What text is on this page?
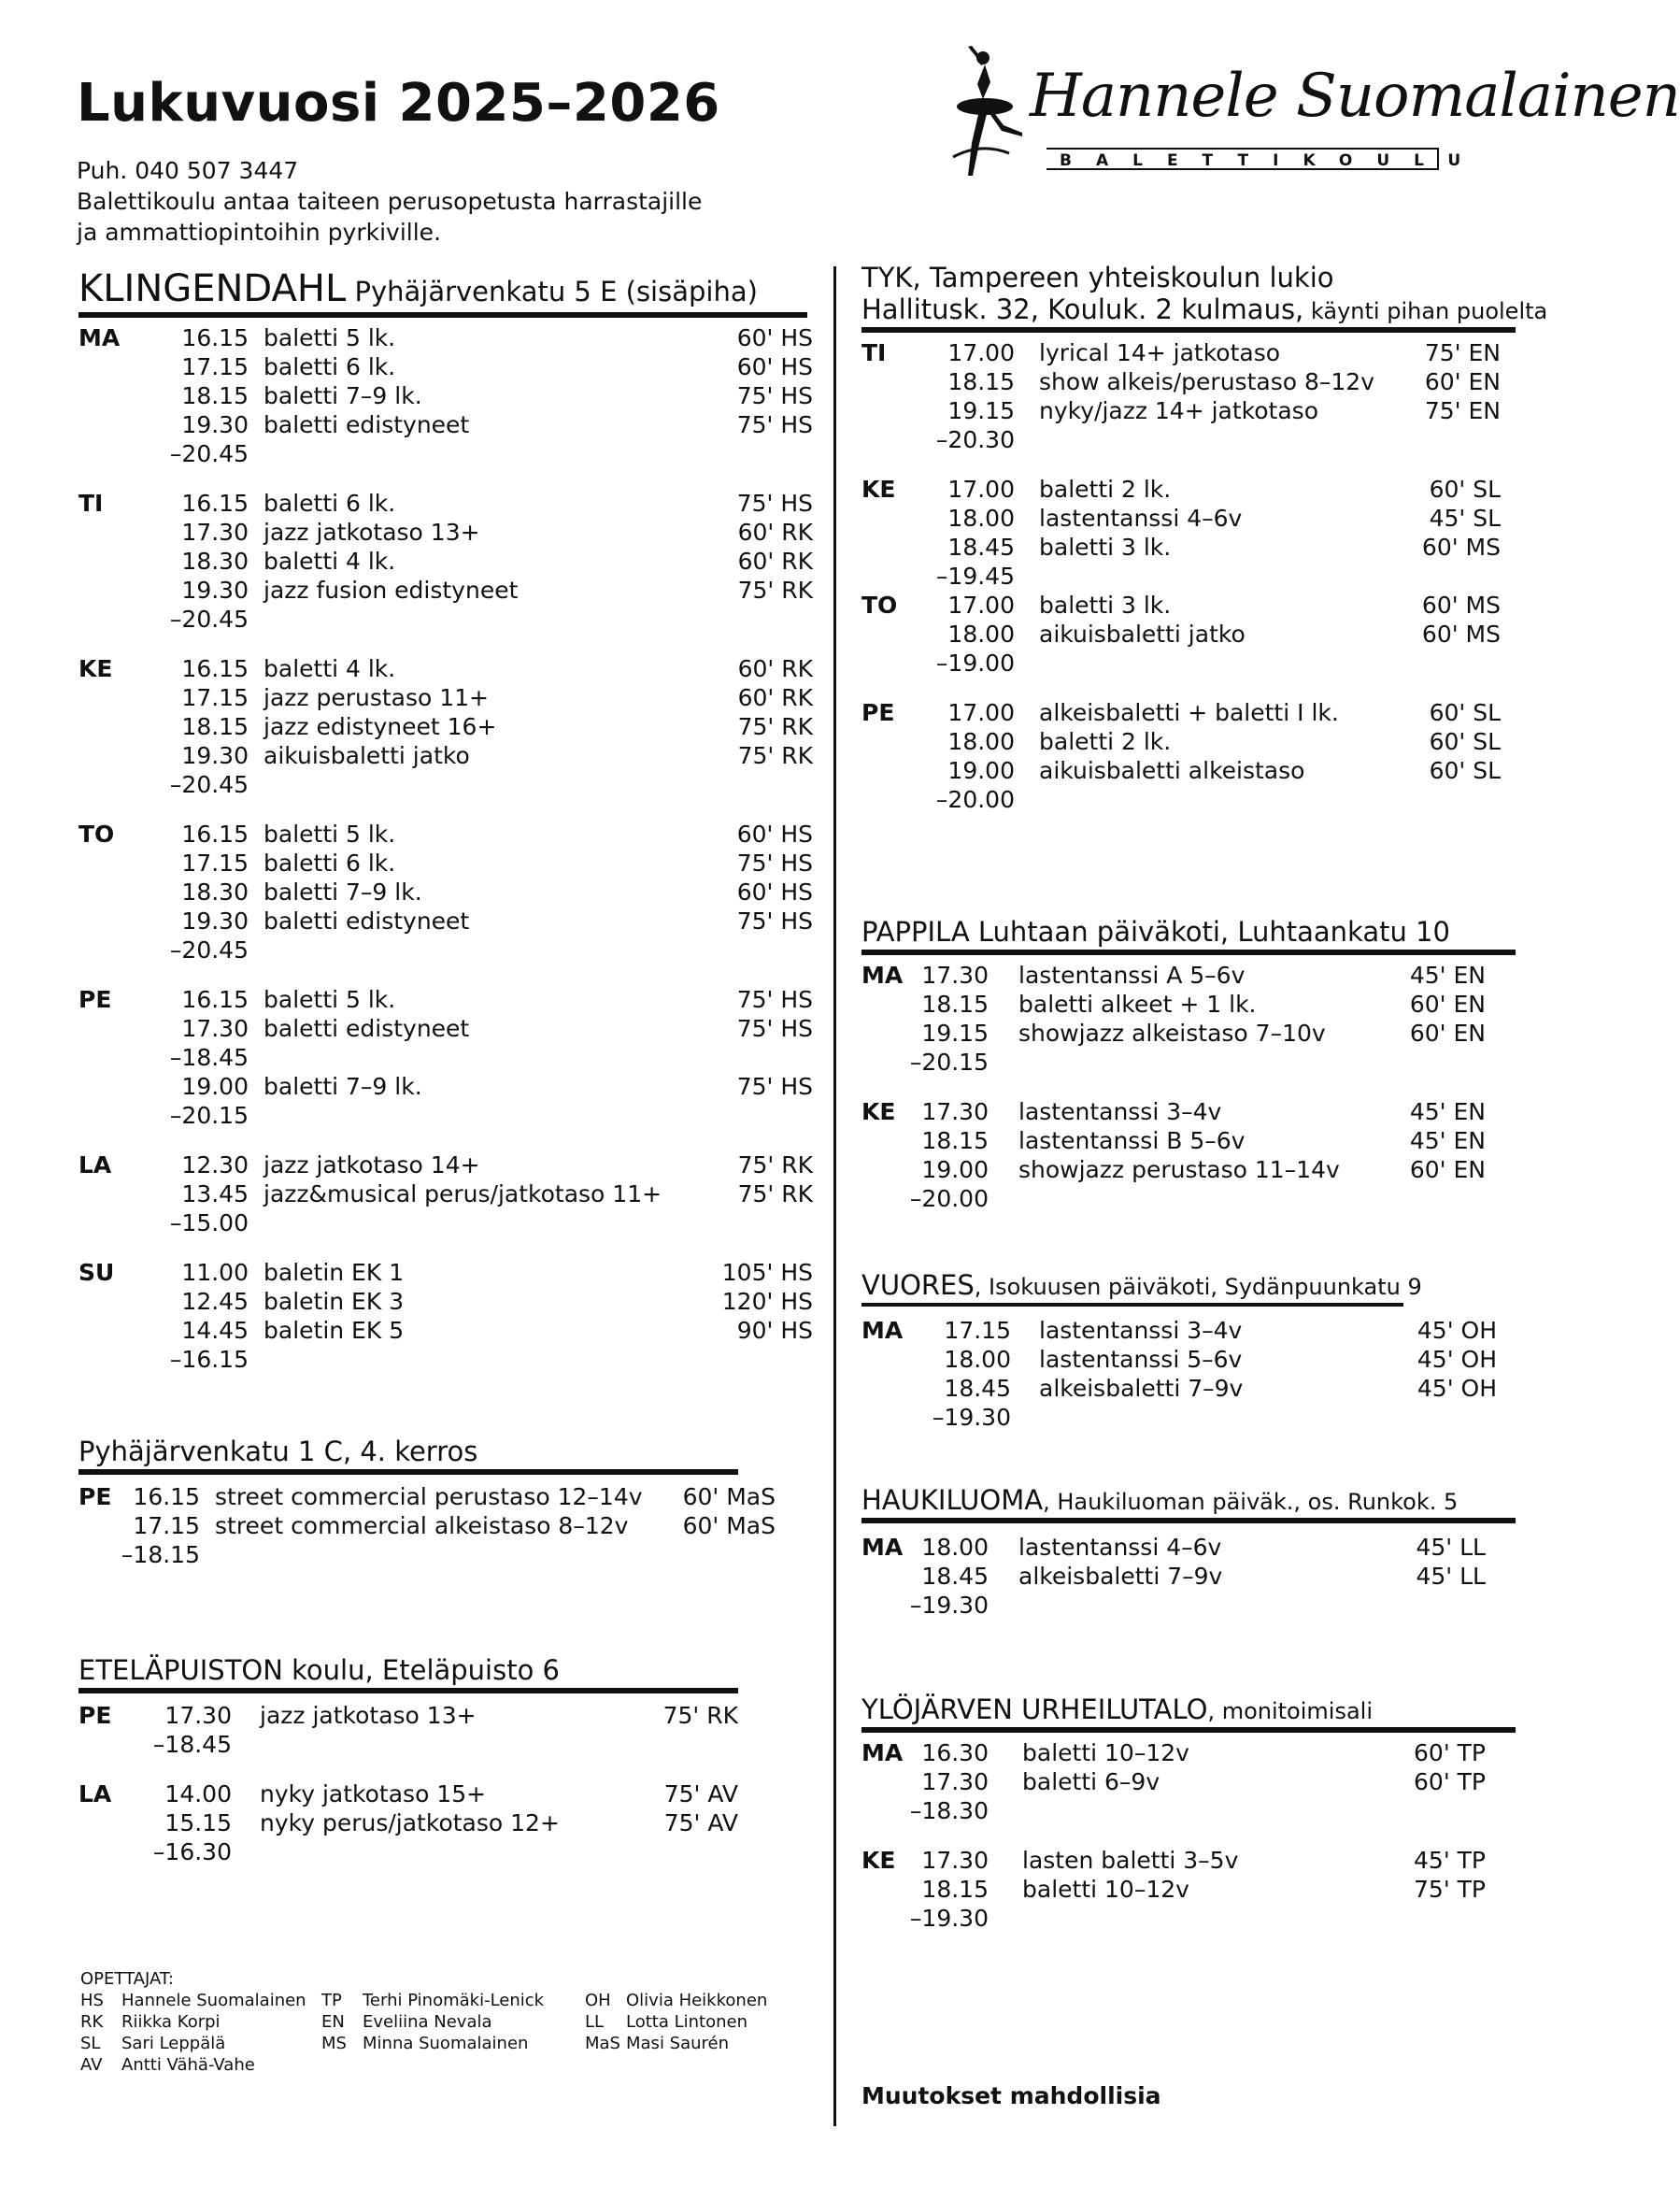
Lukuvuosi 2025–2026
Puh. 040 507 3447
Balettikoulu antaa taiteen perusopetusta harrastajille
ja ammattiopintoihin pyrkiville.
Hannele Suomalainen
BALETTIKOULU
KLINGENDAHL Pyhäjärvenkatu 5 E (sisäpiha)
MA	16.15 baletti 5 lk.	60' HS
17.15 baletti 6 lk.	60' HS
18.15 baletti 7–9 lk.	75' HS
19.30 baletti edistyneet	75' HS
–20.45
TI	16.15 baletti 6 lk.	75' HS
17.30 jazz jatkotaso 13+	60' RK
18.30 baletti 4 lk.	60' RK
19.30 jazz fusion edistyneet	75' RK
–20.45
KE	16.15 baletti 4 lk.	60' RK
17.15 jazz perustaso 11+	60' RK
18.15 jazz edistyneet 16+	75' RK
19.30 aikuisbaletti jatko	75' RK
–20.45
TO	16.15 baletti 5 lk.	60' HS
17.15 baletti 6 lk.	75' HS
18.30 baletti 7–9 lk.	60' HS
19.30 baletti edistyneet	75' HS
–20.45
PE	16.15 baletti 5 lk.	75' HS
17.30 baletti edistyneet	75' HS
–18.45
19.00 baletti 7–9 lk.	75' HS
–20.15
LA	12.30 jazz jatkotaso 14+	75' RK
13.45 jazz&musical perus/jatkotaso 11+	75' RK
–15.00
SU	11.00 baletin EK 1	105' HS
12.45 baletin EK 3	120' HS
14.45 baletin EK 5	90' HS
–16.15
Pyhäjärvenkatu 1 C, 4. kerros
PE 16.15 street commercial perustaso 12–14v	60' MaS
17.15 street commercial alkeistaso 8–12v	60' MaS
–18.15
ETELÄPUISTON koulu, Eteläpuisto 6
PE	17.30 jazz jatkotaso 13+	75' RK
–18.45
LA	14.00 nyky jatkotaso 15+	75' AV
15.15 nyky perus/jatkotaso 12+	75' AV
–16.30
TYK, Tampereen yhteiskoulun lukio
Hallitusk. 32, Kouluk. 2 kulmaus, käynti pihan puolelta
TI	17.00 lyrical 14+ jatkotaso	75' EN
18.15 show alkeis/perustaso 8–12v	60' EN
19.15 nyky/jazz 14+ jatkotaso	75' EN
–20.30
KE	17.00 baletti 2 lk.	60' SL
18.00 lastentanssi 4–6v	45' SL
18.45 baletti 3 lk.	60' MS
–19.45
TO	17.00 baletti 3 lk.	60' MS
18.00 aikuisbaletti jatko	60' MS
–19.00
PE	17.00 alkeisbaletti + baletti I lk.	60' SL
18.00 baletti 2 lk.	60' SL
19.00 aikuisbaletti alkeistaso	60' SL
–20.00
PAPPILA Luhtaan päiväkoti, Luhtaankatu 10
MA 17.30 lastentanssi A 5–6v	45' EN
18.15 baletti alkeet + 1 lk.	60' EN
19.15 showjazz alkeistaso 7–10v	60' EN
–20.15
KE	17.30 lastentanssi 3–4v	45' EN
18.15 lastentanssi B 5–6v	45' EN
19.00 showjazz perustaso 11–14v	60' EN
–20.00
VUORES, Isokuusen päiväkoti, Sydänpuunkatu 9
MA	17.15 lastentanssi 3–4v	45' OH
18.00 lastentanssi 5–6v	45' OH
18.45 alkeisbaletti 7–9v	45' OH
–19.30
HAUKILUOMA, Haukiluoman päiväk., os. Runkok. 5
MA 18.00 lastentanssi 4–6v	45' LL
18.45 alkeisbaletti 7–9v	45' LL
–19.30
YLÖJÄRVEN URHEILUTALO, monitoimisali
MA 16.30 baletti 10–12v	60' TP
17.30 baletti 6–9v	60' TP
–18.30
KE	17.30 lasten baletti 3–5v	45' TP
18.15 baletti 10–12v	75' TP
–19.30
OPETTAJAT:
HS Hannele Suomalainen
RK Riikka Korpi
SL Sari Leppälä
AV Antti Vähä-Vahe
TP Terhi Pinomäki-Lenick
EN Eveliina Nevala
MS Minna Suomalainen
OH Olivia Heikkonen
LL Lotta Lintonen
MaS Masi Saurén
Muutokset mahdollisia
